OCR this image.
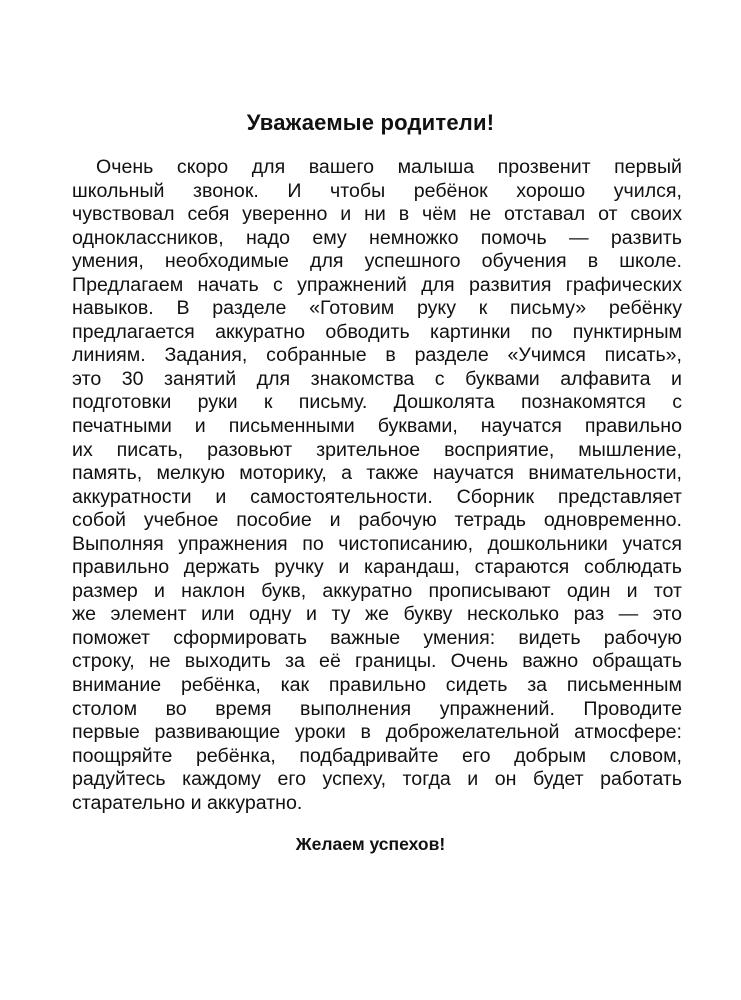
Уважаемые родители!
Очень скоро для вашего малыша прозвенит первый
школьный звонок. И чтобы ребёнок хорошо учился,
чувствовал себя уверенно и ни в чём не отставал от своих
одноклассников, надо ему немножко помочь — развить
умения, необходимые для успешного обучения в школе.
Предлагаем начать с упражнений для развития графических
навыков. В разделе «Готовим руку к письму» ребёнку
предлагается аккуратно обводить картинки по пунктирным
линиям. Задания, собранные в разделе «Учимся писать»,
это 30 занятий для знакомства с буквами алфавита и
подготовки руки к письму. Дошколята познакомятся с
печатными и письменными буквами, научатся правильно
их писать, разовьют зрительное восприятие, мышление,
память, мелкую моторику, а также научатся внимательности,
аккуратности и самостоятельности. Сборник представляет
собой учебное пособие и рабочую тетрадь одновременно.
Выполняя упражнения по чистописанию, дошкольники учатся
правильно держать ручку и карандаш, стараются соблюдать
размер и наклон букв, аккуратно прописывают один и тот
же элемент или одну и ту же букву несколько раз — это
поможет сформировать важные умения: видеть рабочую
строку, не выходить за её границы. Очень важно обращать
внимание ребёнка, как правильно сидеть за письменным
столом во время выполнения упражнений. Проводите
первые развивающие уроки в доброжелательной атмосфере:
поощряйте ребёнка, подбадривайте его добрым словом,
радуйтесь каждому его успеху, тогда и он будет работать
старательно и аккуратно.

Желаем успехов!
